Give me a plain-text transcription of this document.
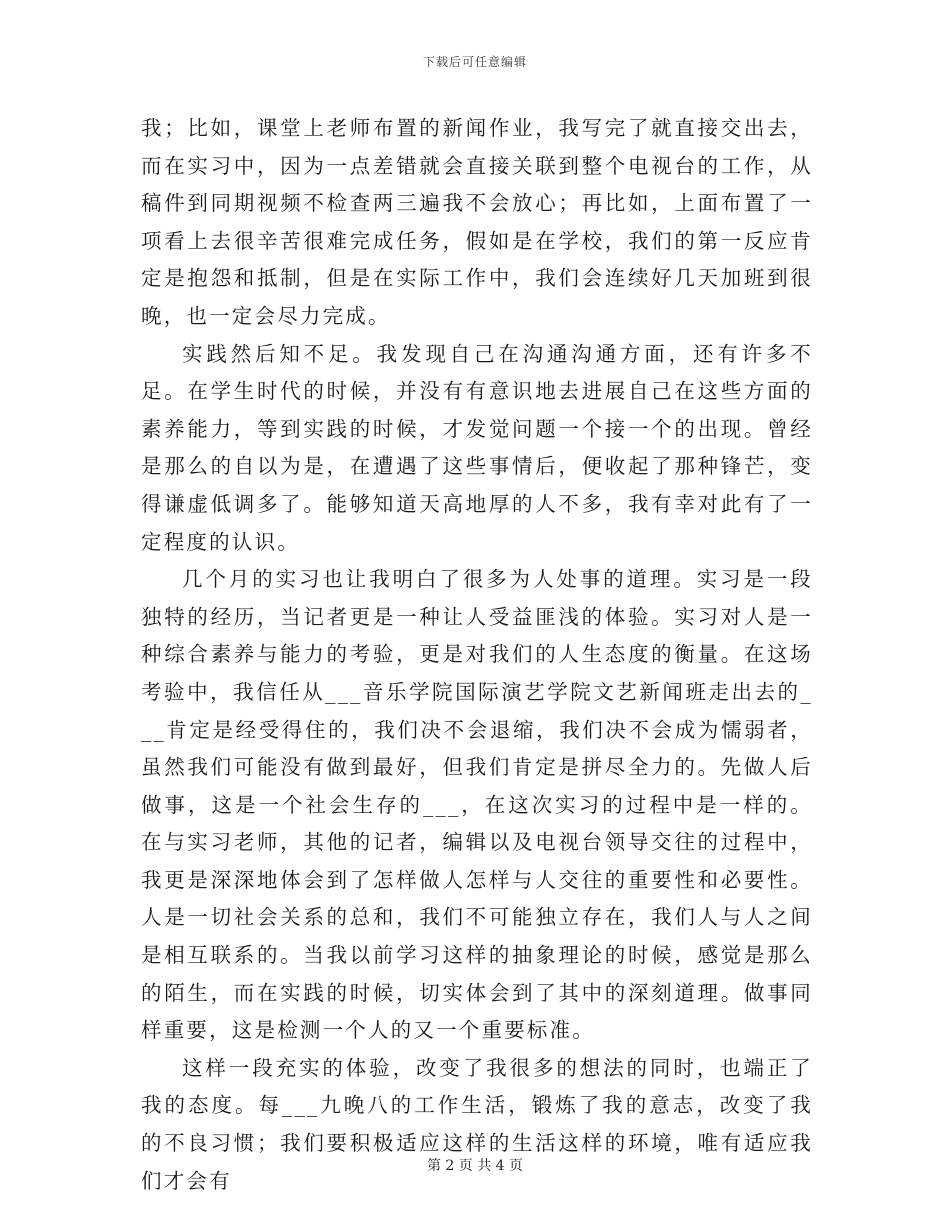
下载后可任意编辑

我；比如，课堂上老师布置的新闻作业，我写完了就直接交出去，而在实习中，因为一点差错就会直接关联到整个电视台的工作，从稿件到同期视频不检查两三遍我不会放心；再比如，上面布置了一项看上去很辛苦很难完成任务，假如是在学校，我们的第一反应肯定是抱怨和抵制，但是在实际工作中，我们会连续好几天加班到很晚，也一定会尽力完成。

实践然后知不足。我发现自己在沟通沟通方面，还有许多不足。在学生时代的时候，并没有有意识地去进展自己在这些方面的素养能力，等到实践的时候，才发觉问题一个接一个的出现。曾经是那么的自以为是，在遭遇了这些事情后，便收起了那种锋芒，变得谦虚低调多了。能够知道天高地厚的人不多，我有幸对此有了一定程度的认识。

几个月的实习也让我明白了很多为人处事的道理。实习是一段独特的经历，当记者更是一种让人受益匪浅的体验。实习对人是一种综合素养与能力的考验，更是对我们的人生态度的衡量。在这场考验中，我信任从___音乐学院国际演艺学院文艺新闻班走出去的___肯定是经受得住的，我们决不会退缩，我们决不会成为懦弱者，虽然我们可能没有做到最好，但我们肯定是拼尽全力的。先做人后做事，这是一个社会生存的___，在这次实习的过程中是一样的。在与实习老师，其他的记者，编辑以及电视台领导交往的过程中，我更是深深地体会到了怎样做人怎样与人交往的重要性和必要性。人是一切社会关系的总和，我们不可能独立存在，我们人与人之间是相互联系的。当我以前学习这样的抽象理论的时候，感觉是那么的陌生，而在实践的时候，切实体会到了其中的深刻道理。做事同样重要，这是检测一个人的又一个重要标准。

这样一段充实的体验，改变了我很多的想法的同时，也端正了我的态度。每___九晚八的工作生活，锻炼了我的意志，改变了我的不良习惯；我们要积极适应这样的生活这样的环境，唯有适应我们才会有

第 2 页 共 4 页
